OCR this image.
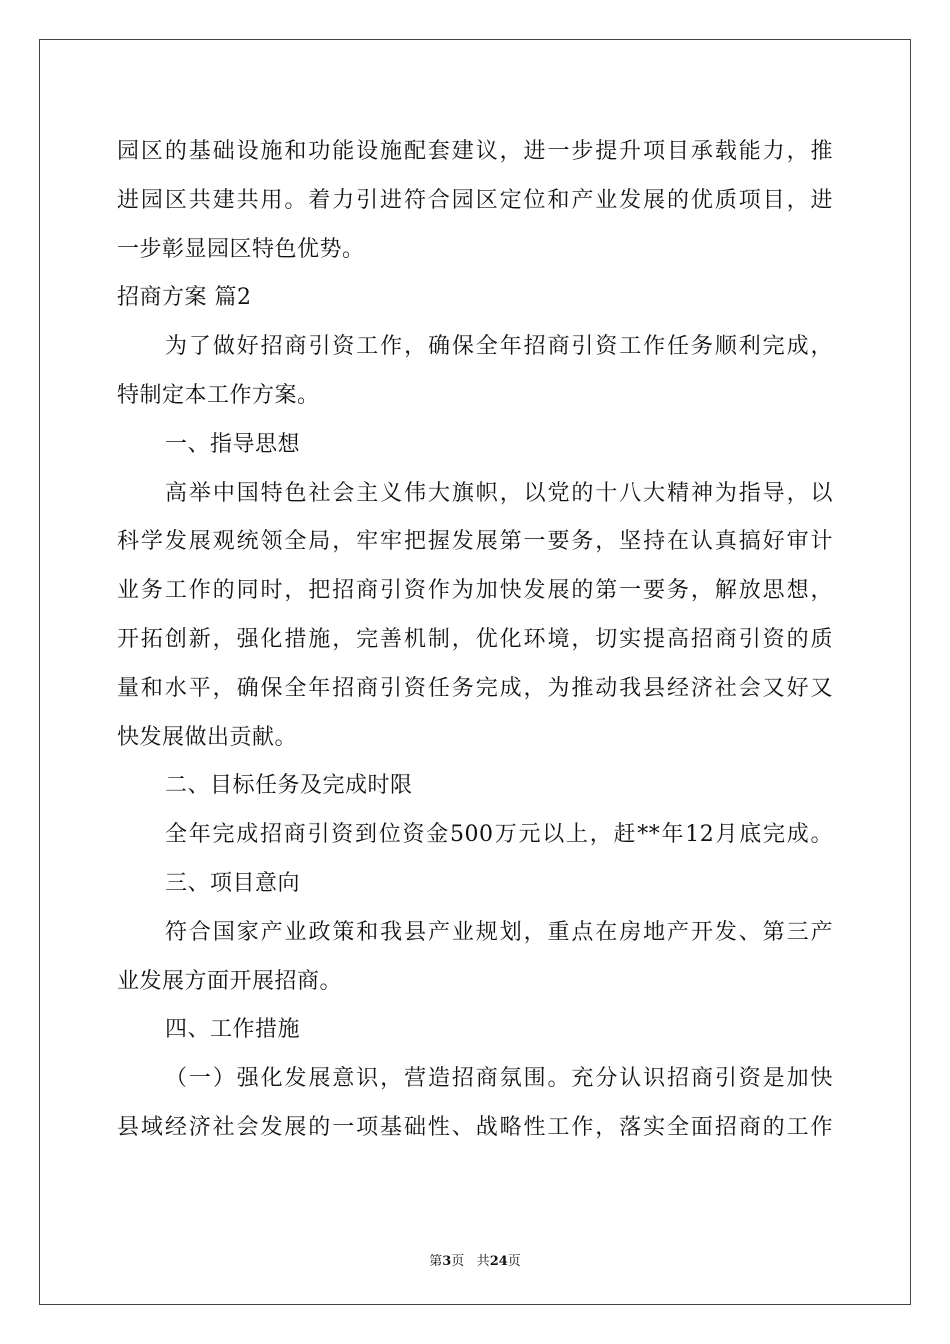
园区的基础设施和功能设施配套建议，进一步提升项目承载能力，推
进园区共建共用。着力引进符合园区定位和产业发展的优质项目，进
一步彰显园区特色优势。
招商方案 篇2
为了做好招商引资工作，确保全年招商引资工作任务顺利完成，
特制定本工作方案。
一、指导思想
高举中国特色社会主义伟大旗帜，以党的十八大精神为指导，以
科学发展观统领全局，牢牢把握发展第一要务，坚持在认真搞好审计
业务工作的同时，把招商引资作为加快发展的第一要务，解放思想，
开拓创新，强化措施，完善机制，优化环境，切实提高招商引资的质
量和水平，确保全年招商引资任务完成，为推动我县经济社会又好又
快发展做出贡献。
二、目标任务及完成时限
全年完成招商引资到位资金500万元以上，赶**年12月底完成。
三、项目意向
符合国家产业政策和我县产业规划，重点在房地产开发、第三产
业发展方面开展招商。
四、工作措施
（一）强化发展意识，营造招商氛围。充分认识招商引资是加快
县域经济社会发展的一项基础性、战略性工作，落实全面招商的工作
第3页 共24页
